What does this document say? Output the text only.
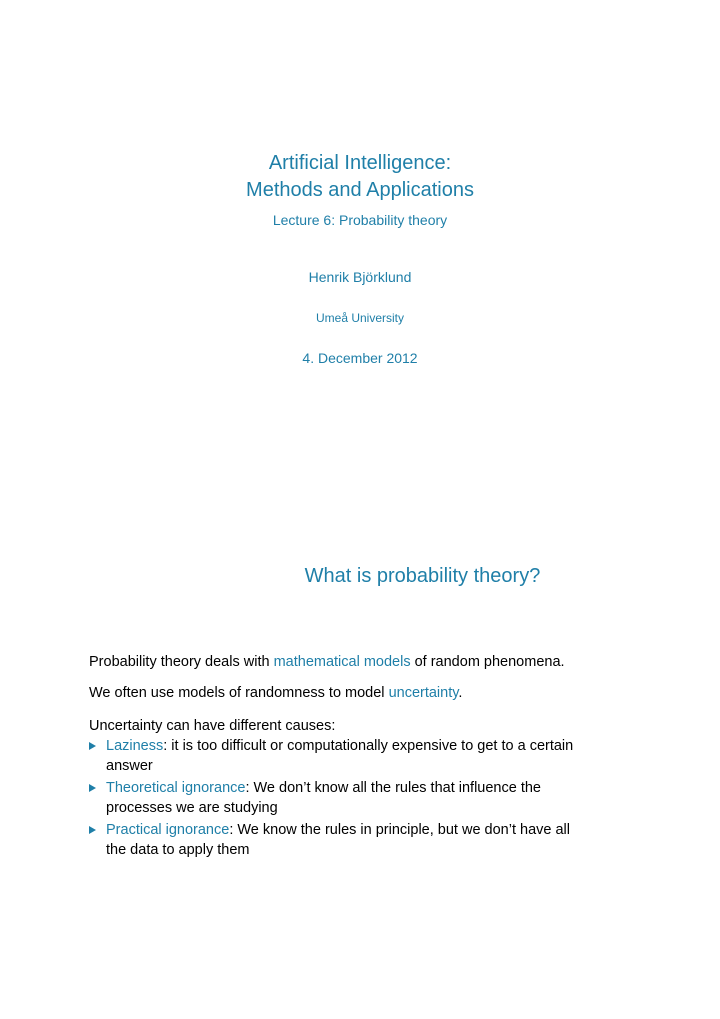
Artificial Intelligence:
Methods and Applications
Lecture 6: Probability theory
Henrik Björklund
Umeå University
4. December 2012
What is probability theory?
Probability theory deals with mathematical models of random phenomena.
We often use models of randomness to model uncertainty.
Uncertainty can have different causes:
Laziness: it is too difficult or computationally expensive to get to a certain
answer
Theoretical ignorance: We don’t know all the rules that influence the
processes we are studying
Practical ignorance: We know the rules in principle, but we don’t have all
the data to apply them
